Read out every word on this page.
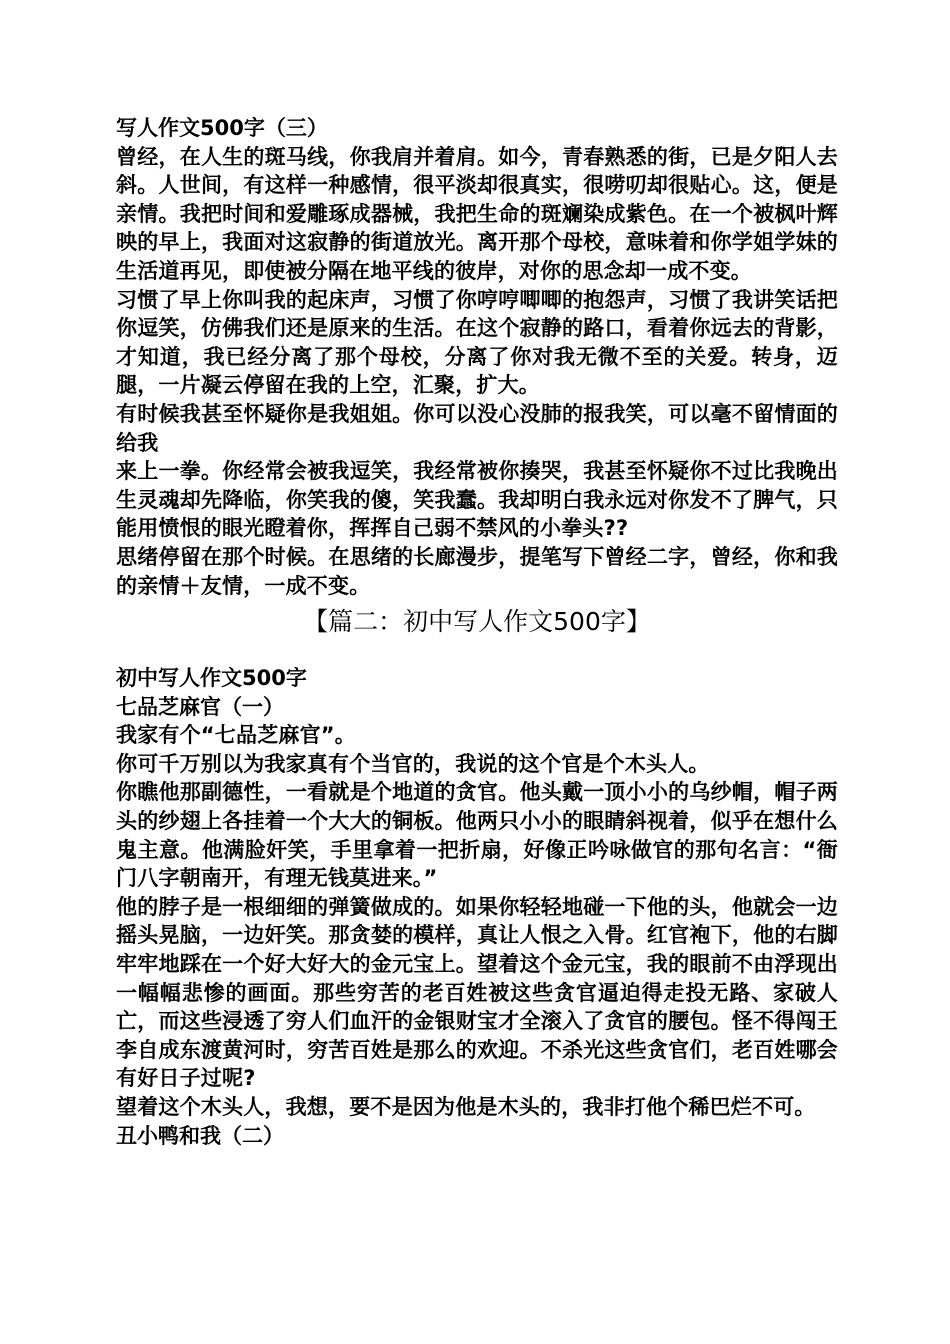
写人作文500字（三）

曾经，在人生的斑马线，你我肩并着肩。如今，青春熟悉的街，已是夕阳人去斜。人世间，有这样一种感情，很平淡却很真实，很唠叨却很贴心。这，便是亲情。我把时间和爱雕琢成器械，我把生命的斑斓染成紫色。在一个被枫叶辉映的早上，我面对这寂静的街道放光。离开那个母校，意味着和你学姐学妹的生活道再见，即使被分隔在地平线的彼岸，对你的思念却一成不变。

习惯了早上你叫我的起床声，习惯了你哼哼唧唧的抱怨声，习惯了我讲笑话把你逗笑，仿佛我们还是原来的生活。在这个寂静的路口，看着你远去的背影，才知道，我已经分离了那个母校，分离了你对我无微不至的关爱。转身，迈腿，一片凝云停留在我的上空，汇聚，扩大。

有时候我甚至怀疑你是我姐姐。你可以没心没肺的报我笑，可以毫不留情面的给我

来上一拳。你经常会被我逗笑，我经常被你揍哭，我甚至怀疑你不过比我晚出生灵魂却先降临，你笑我的傻，笑我蠢。我却明白我永远对你发不了脾气，只能用愤恨的眼光瞪着你，挥挥自己弱不禁风的小拳头??

思绪停留在那个时候。在思绪的长廊漫步，提笔写下曾经二字，曾经，你和我的亲情＋友情，一成不变。

【篇二：初中写人作文500字】

初中写人作文500字

七品芝麻官（一）

我家有个“七品芝麻官”。

你可千万别以为我家真有个当官的，我说的这个官是个木头人。

你瞧他那副德性，一看就是个地道的贪官。他头戴一顶小小的乌纱帽，帽子两头的纱翅上各挂着一个大大的铜板。他两只小小的眼睛斜视着，似乎在想什么鬼主意。他满脸奸笑，手里拿着一把折扇，好像正吟咏做官的那句名言：“衙门八字朝南开，有理无钱莫进来。”

他的脖子是一根细细的弹簧做成的。如果你轻轻地碰一下他的头，他就会一边摇头晃脑，一边奸笑。那贪婪的模样，真让人恨之入骨。红官袍下，他的右脚牢牢地踩在一个好大好大的金元宝上。望着这个金元宝，我的眼前不由浮现出一幅幅悲惨的画面。那些穷苦的老百姓被这些贪官逼迫得走投无路、家破人亡，而这些浸透了穷人们血汗的金银财宝才全滚入了贪官的腰包。怪不得闯王李自成东渡黄河时，穷苦百姓是那么的欢迎。不杀光这些贪官们，老百姓哪会有好日子过呢?

望着这个木头人，我想，要不是因为他是木头的，我非打他个稀巴烂不可。

丑小鸭和我（二）
